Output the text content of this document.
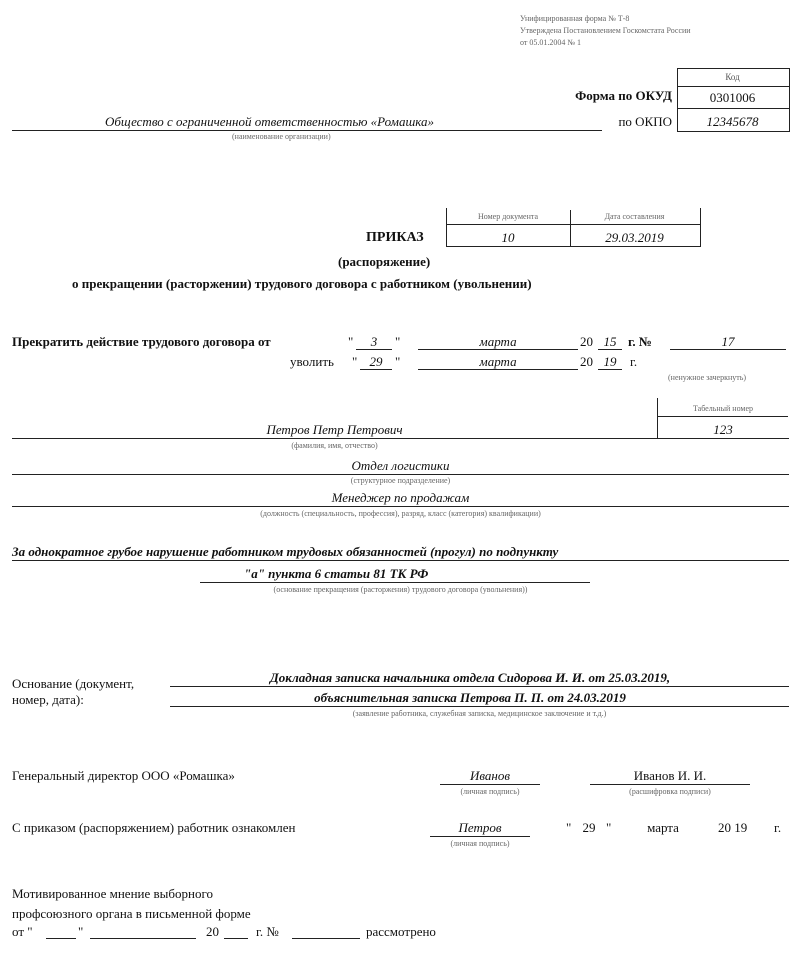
Унифицированная форма № Т-8
Утверждена Постановлением Госкомстата России
от 05.01.2004 № 1
Код
Форма по ОКУД	0301006
по ОКПО	12345678
Общество с ограниченной ответственностью «Ромашка»
(наименование организации)
Номер документа	Дата составления
ПРИКАЗ	10	29.03.2019
(распоряжение)
о прекращении (расторжении) трудового договора с работником (увольнении)
Прекратить действие трудового договора от	"	3	"	марта	20 15 г. №	17
уволить " 29 "	марта	20 19	г.
(ненужное зачеркнуть)
Табельный номер
123
Петров Петр Петрович
(фамилия, имя, отчество)
Отдел логистики
(структурное подразделение)
Менеджер по продажам
(должность (специальность, профессия), разряд, класс (категория) квалификации)
За однократное грубое нарушение работником трудовых обязанностей (прогул) по подпункту
"а" пункта 6 статьи 81 ТК РФ
(основание прекращения (расторжения) трудового договора (увольнения))
Основание (документ,
номер, дата):
Докладная записка начальника отдела Сидорова И. И. от 25.03.2019,
объяснительная записка Петрова П. П. от 24.03.2019
(заявление работника, служебная записка, медицинское заключение и т.д.)
Генеральный директор ООО «Ромашка»	Иванов
(личная подпись)
Иванов И. И.
(расшифровка подписи)
С приказом (распоряжением) работник ознакомлен	Петров
(личная подпись)
" 29 "	марта	20 19 г.
Мотивированное мнение выборного
профсоюзного органа в письменной форме
от "	"	20	г. №	рассмотрено
